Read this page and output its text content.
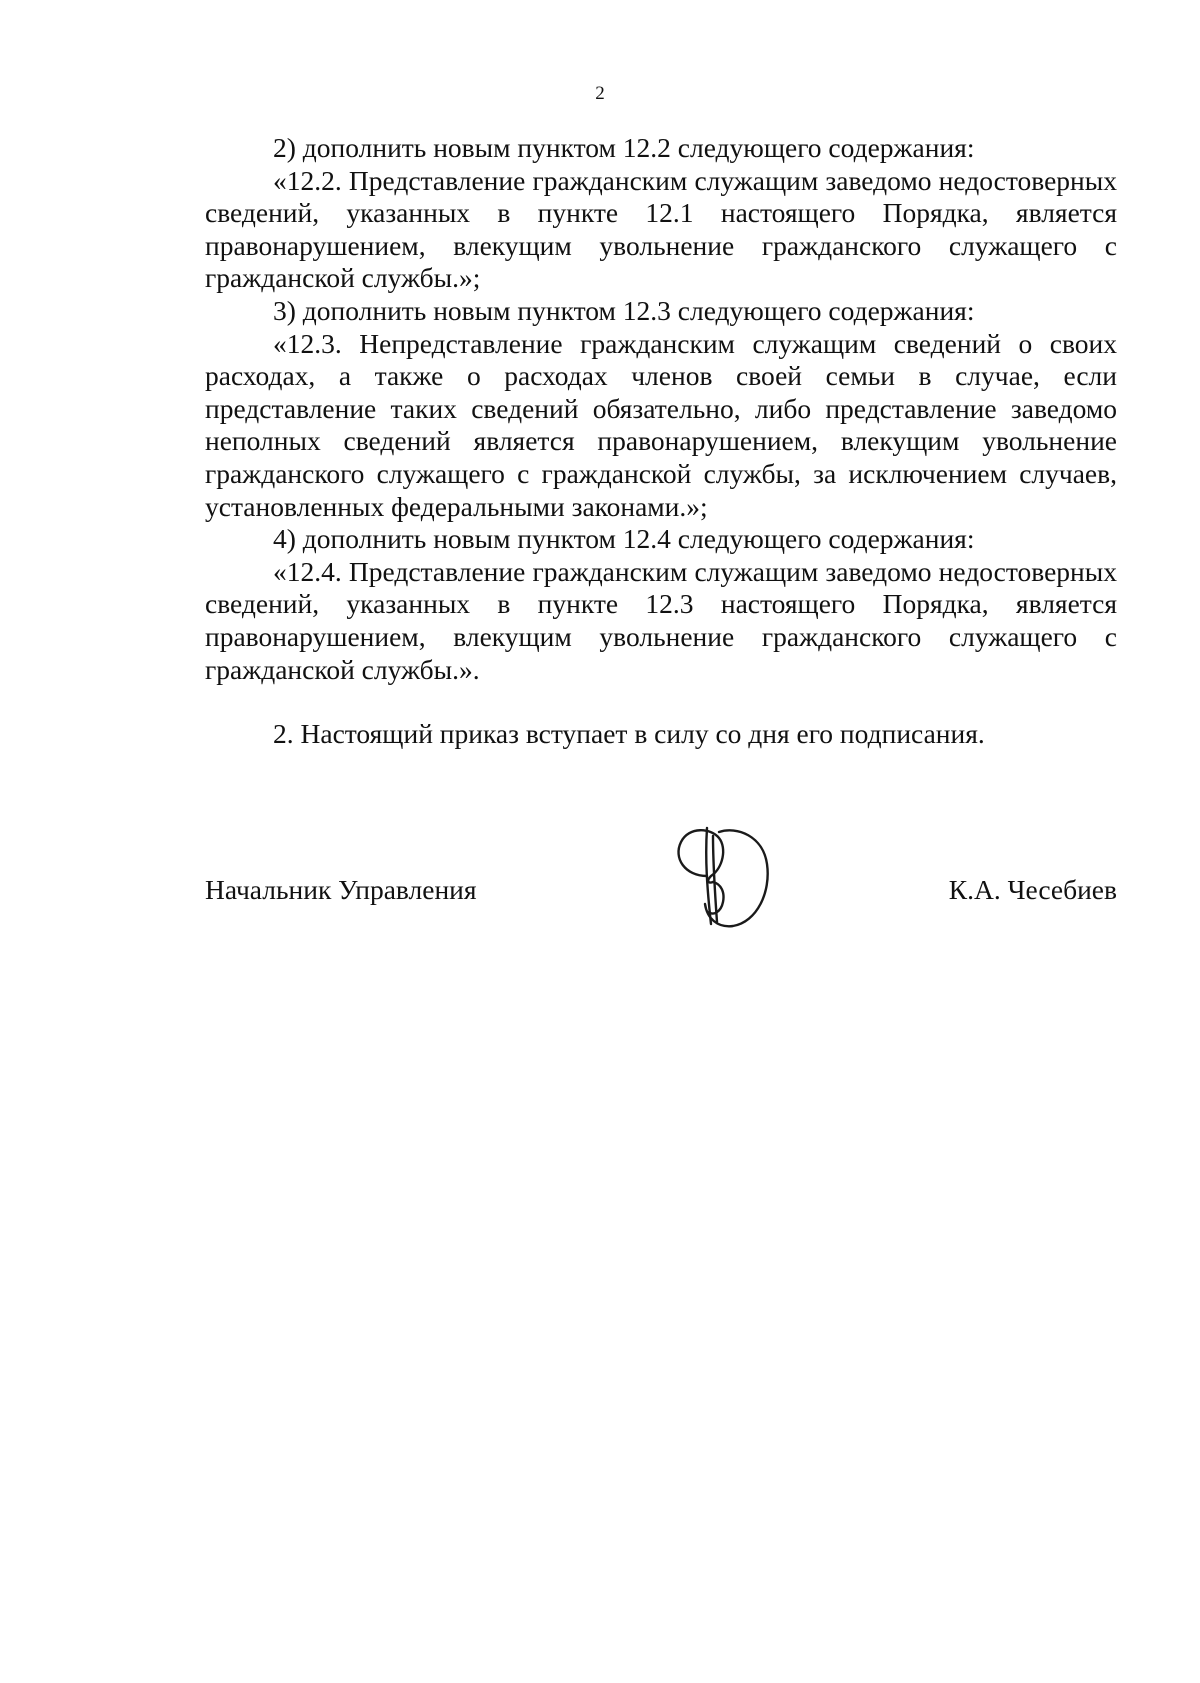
2

2) дополнить новым пунктом 12.2 следующего содержания:

«12.2. Представление гражданским служащим заведомо недостоверных сведений, указанных в пункте 12.1 настоящего Порядка, является правонарушением, влекущим увольнение гражданского служащего с гражданской службы.»;

3) дополнить новым пунктом 12.3 следующего содержания:

«12.3. Непредставление гражданским служащим сведений о своих расходах, а также о расходах членов своей семьи в случае, если представление таких сведений обязательно, либо представление заведомо неполных сведений является правонарушением, влекущим увольнение гражданского служащего с гражданской службы, за исключением случаев, установленных федеральными законами.»;

4) дополнить новым пунктом 12.4 следующего содержания:

«12.4. Представление гражданским служащим заведомо недостоверных сведений, указанных в пункте 12.3 настоящего Порядка, является правонарушением, влекущим увольнение гражданского служащего с гражданской службы.».

2. Настоящий приказ вступает в силу со дня его подписания.

Начальник Управления	К.А. Чесебиев
